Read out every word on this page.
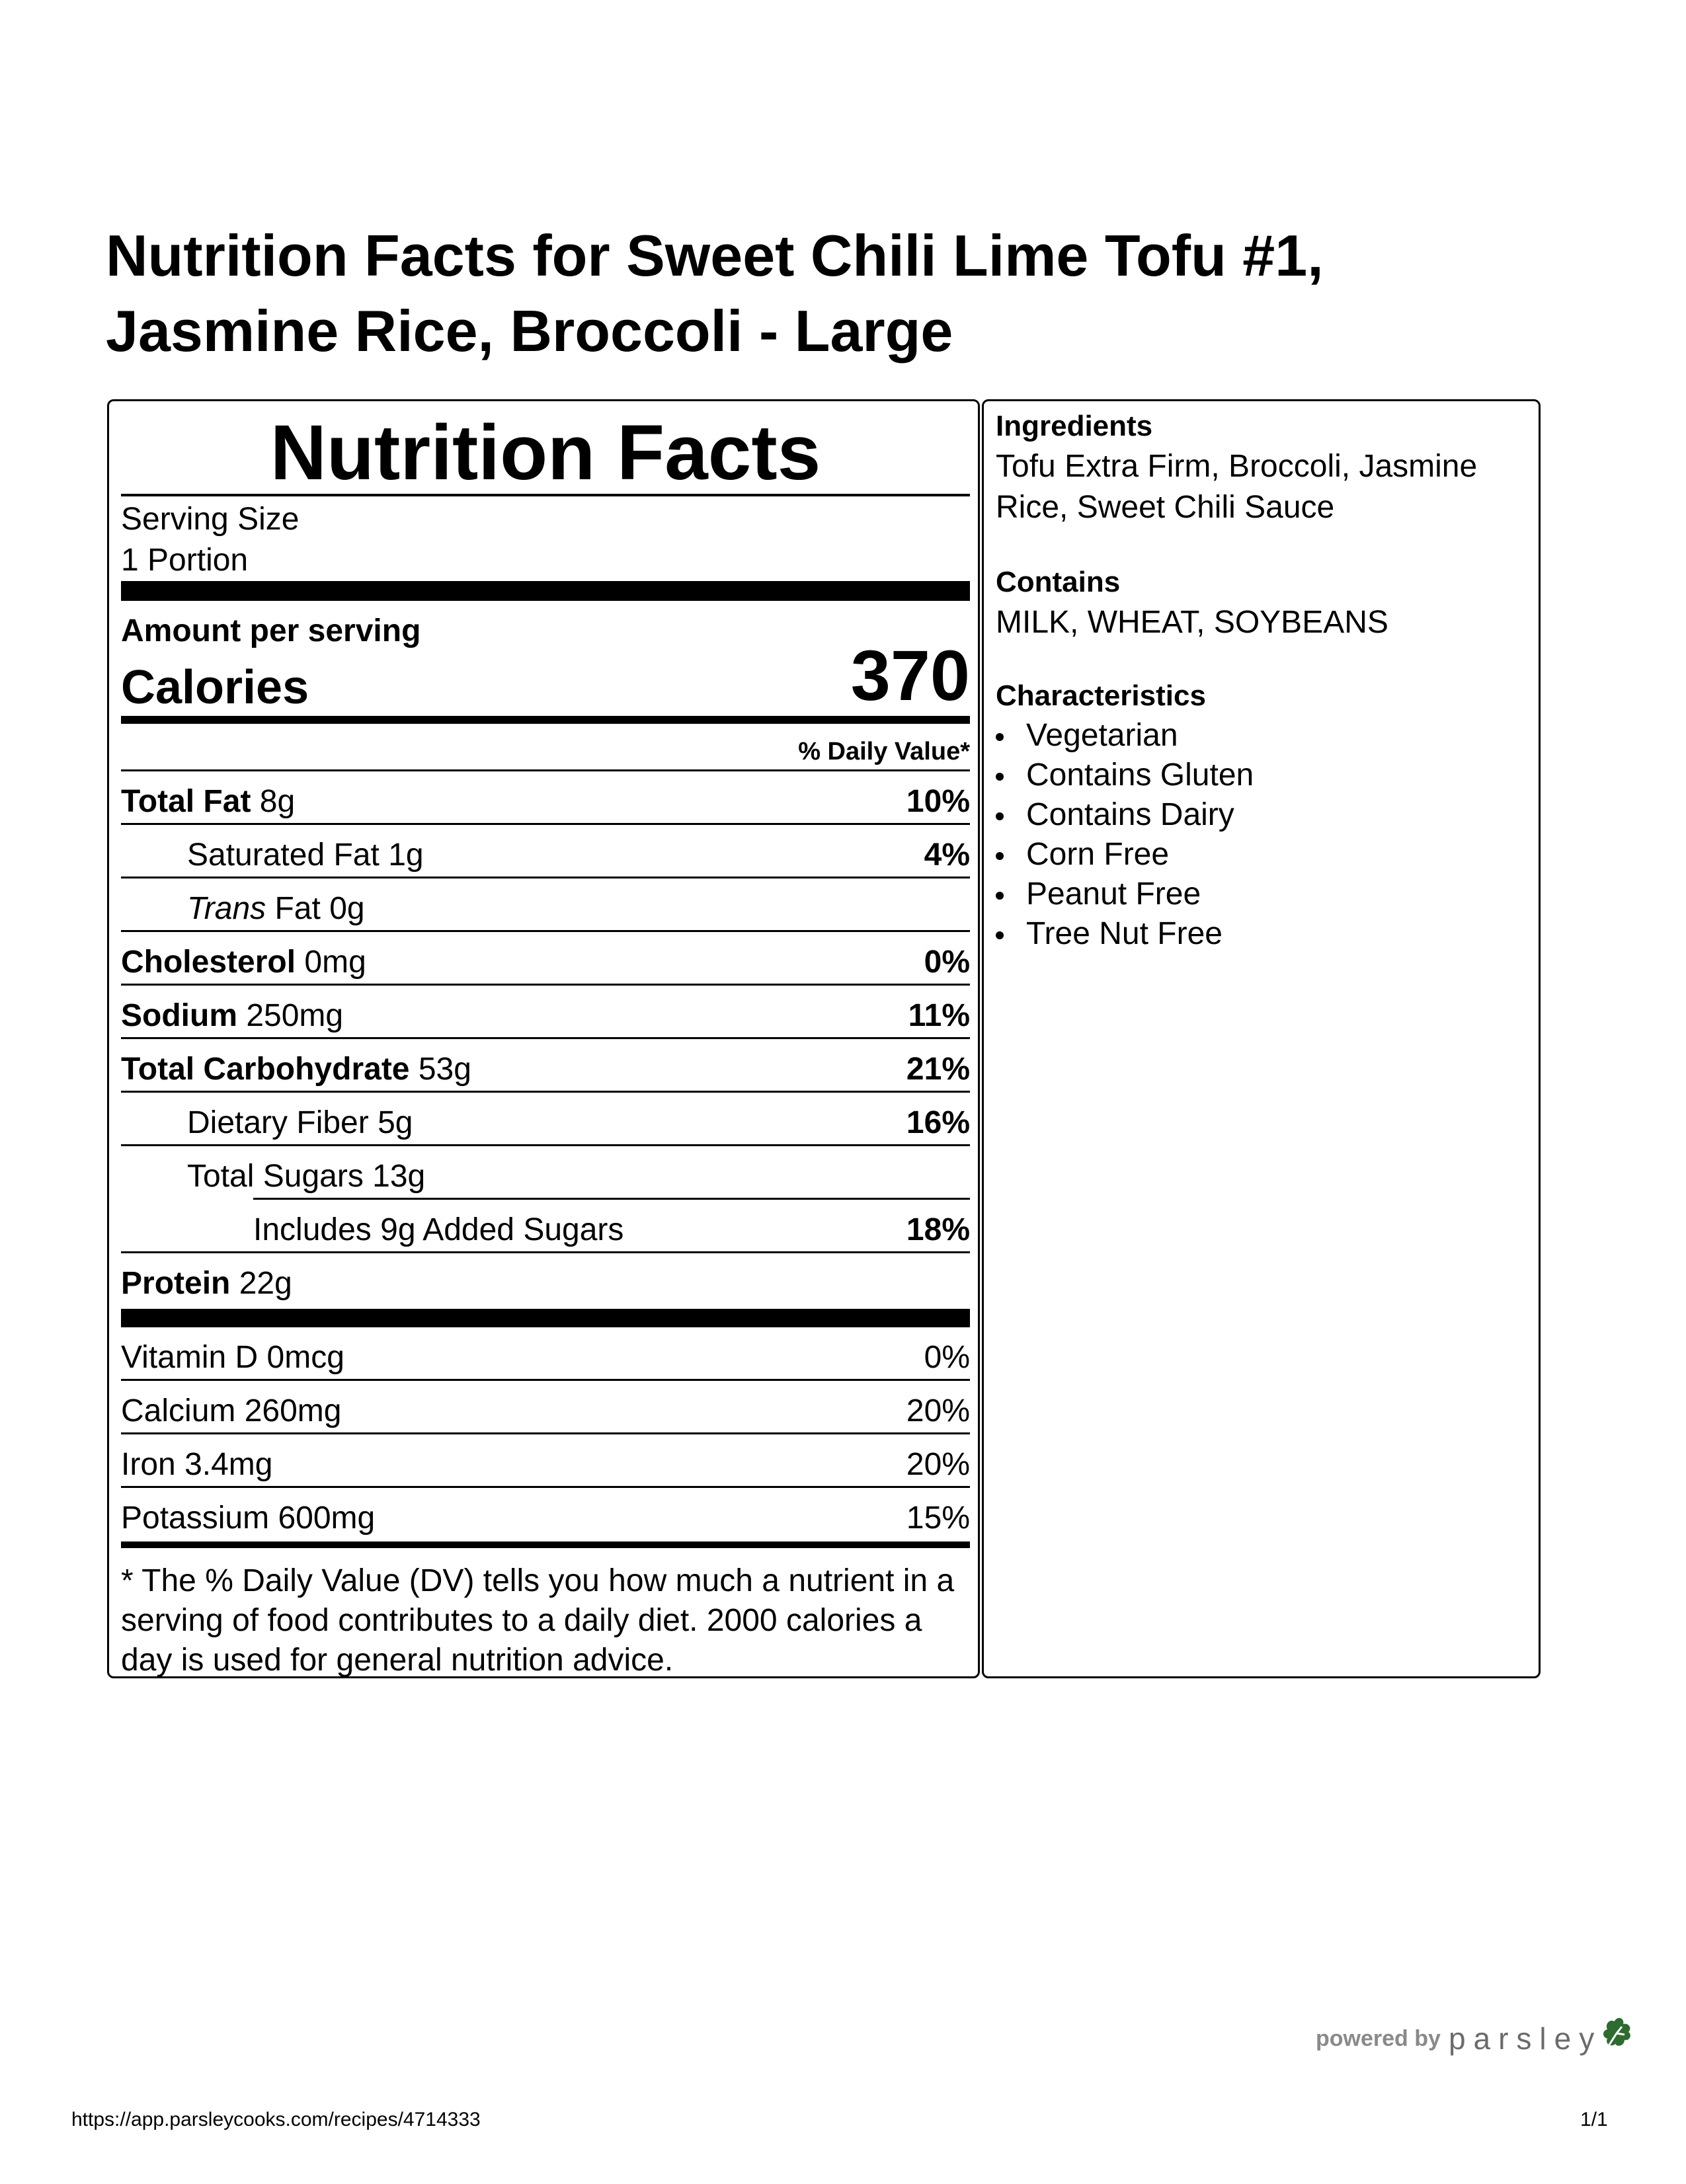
Nutrition Facts for Sweet Chili Lime Tofu #1, Jasmine Rice, Broccoli - Large
Nutrition Facts
Serving Size
1 Portion
Amount per serving
Calories	370
% Daily Value*
Total Fat 8g	10%
Saturated Fat 1g	4%
Trans Fat 0g
Cholesterol 0mg	0%
Sodium 250mg	11%
Total Carbohydrate 53g	21%
Dietary Fiber 5g	16%
Total Sugars 13g
Includes 9g Added Sugars	18%
Protein 22g
Vitamin D 0mcg	0%
Calcium 260mg	20%
Iron 3.4mg	20%
Potassium 600mg	15%
* The % Daily Value (DV) tells you how much a nutrient in a serving of food contributes to a daily diet. 2000 calories a day is used for general nutrition advice.

Ingredients

Tofu Extra Firm, Broccoli, Jasmine Rice, Sweet Chili Sauce

Contains

MILK, WHEAT, SOYBEANS

Characteristics

Vegetarian
Contains Gluten
Contains Dairy
Corn Free
Peanut Free
Tree Nut Free
powered by parsley
https://app.parsleycooks.com/recipes/4714333	1/1
